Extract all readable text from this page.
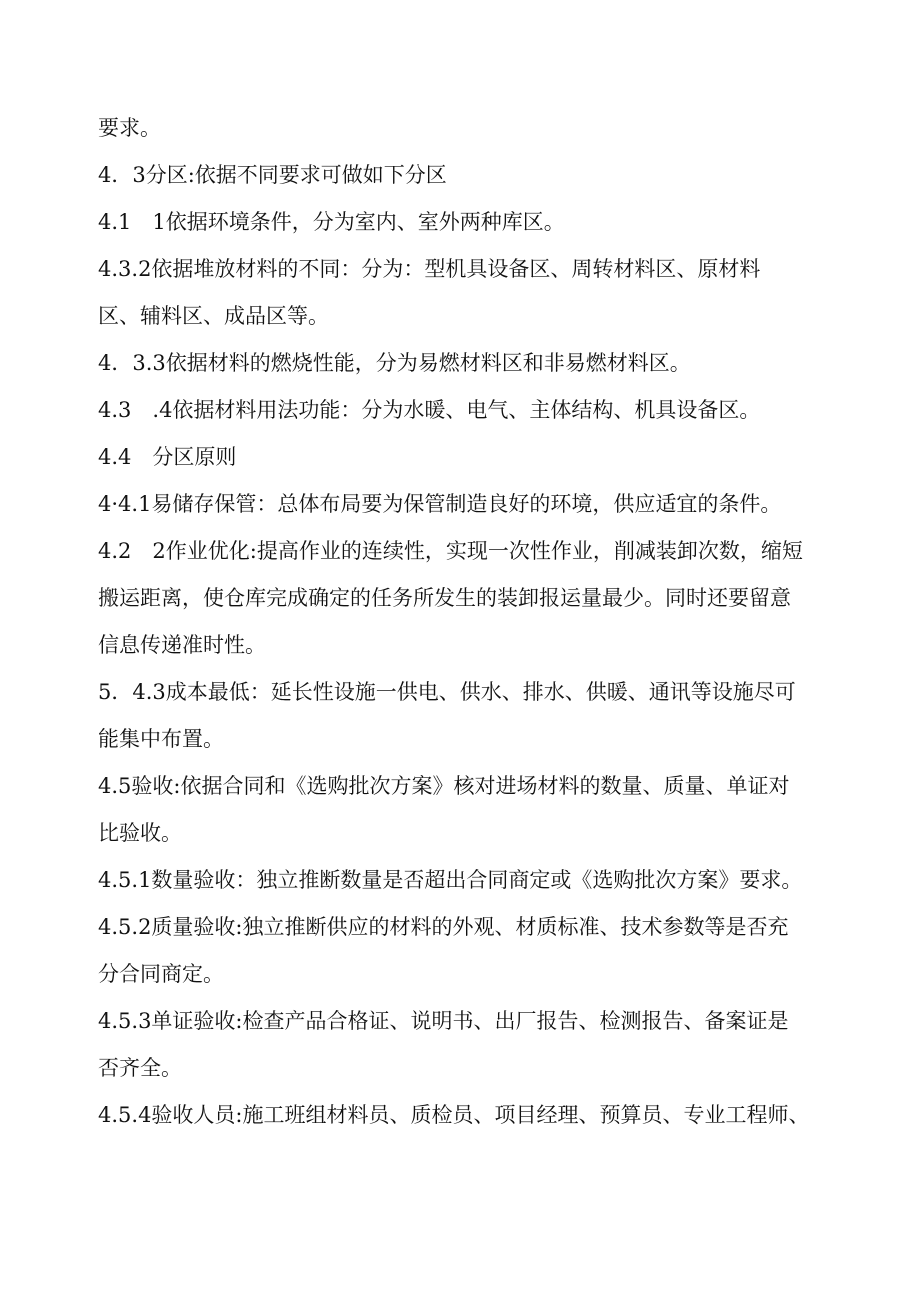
要求。
4．3分区:依据不同要求可做如下分区
4.1　1依据环境条件，分为室内、室外两种库区。
4.3.2依据堆放材料的不同：分为：型机具设备区、周转材料区、原材料
区、辅料区、成品区等。
4．3.3依据材料的燃烧性能，分为易燃材料区和非易燃材料区。
4.3　.4依据材料用法功能：分为水暖、电气、主体结构、机具设备区。
4.4　分区原则
4·4.1易储存保管：总体布局要为保管制造良好的环境，供应适宜的条件。
4.2　2作业优化:提高作业的连续性，实现一次性作业，削减装卸次数，缩短
搬运距离，使仓库完成确定的任务所发生的装卸报运量最少。同时还要留意
信息传递准时性。
5．4.3成本最低：延长性设施一供电、供水、排水、供暖、通讯等设施尽可
能集中布置。
4.5验收:依据合同和《选购批次方案》核对进场材料的数量、质量、单证对
比验收。
4.5.1数量验收：独立推断数量是否超出合同商定或《选购批次方案》要求。
4.5.2质量验收:独立推断供应的材料的外观、材质标准、技术参数等是否充
分合同商定。
4.5.3单证验收:检查产品合格证、说明书、出厂报告、检测报告、备案证是
否齐全。
4.5.4验收人员:施工班组材料员、质检员、项目经理、预算员、专业工程师、
